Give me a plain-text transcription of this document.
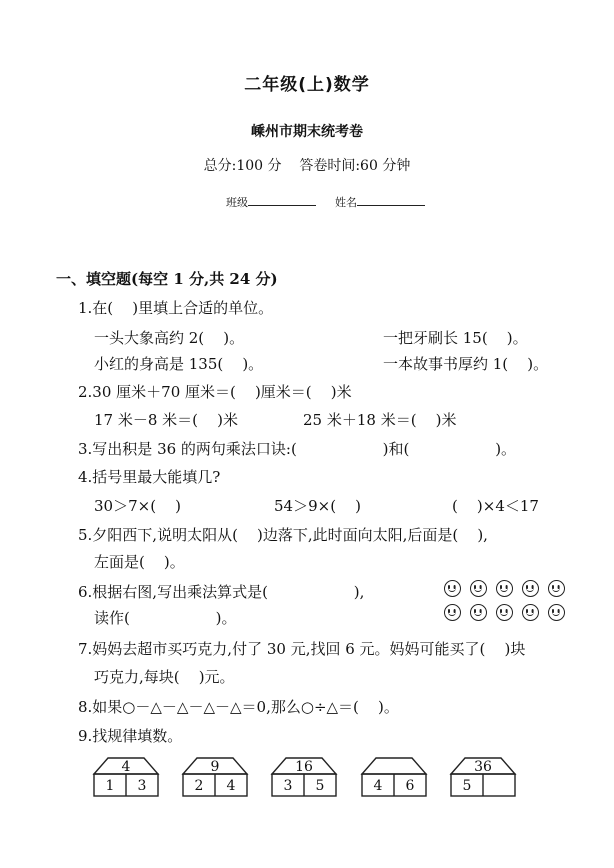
二年级(上)数学
嵊州市期末统考卷
总分:100 分    答卷时间:60 分钟
班级	姓名
一、填空题(每空 1 分,共 24 分)
1.在(    )里填上合适的单位。
一头大象高约 2(    )。	一把牙刷长 15(    )。
小红的身高是 135(    )。	一本故事书厚约 1(    )。
2.30 厘米＋70 厘米＝(    )厘米＝(    )米
17 米－8 米＝(    )米	25 米＋18 米＝(    )米
3.写出积是 36 的两句乘法口诀:(                  )和(                  )。
4.括号里最大能填几?
30＞7×(    )	54＞9×(    )	(    )×4＜17
5.夕阳西下,说明太阳从(    )边落下,此时面向太阳,后面是(    ),
左面是(    )。
6.根据右图,写出乘法算式是(                  ),
读作(                  )。
7.妈妈去超市买巧克力,付了 30 元,找回 6 元。妈妈可能买了(    )块
巧克力,每块(    )元。
8.如果○－△－△－△－△＝0,那么○÷△＝(    )。
9.找规律填数。
4
1 3
9
2 4
16
3 5	4 6
36
5
